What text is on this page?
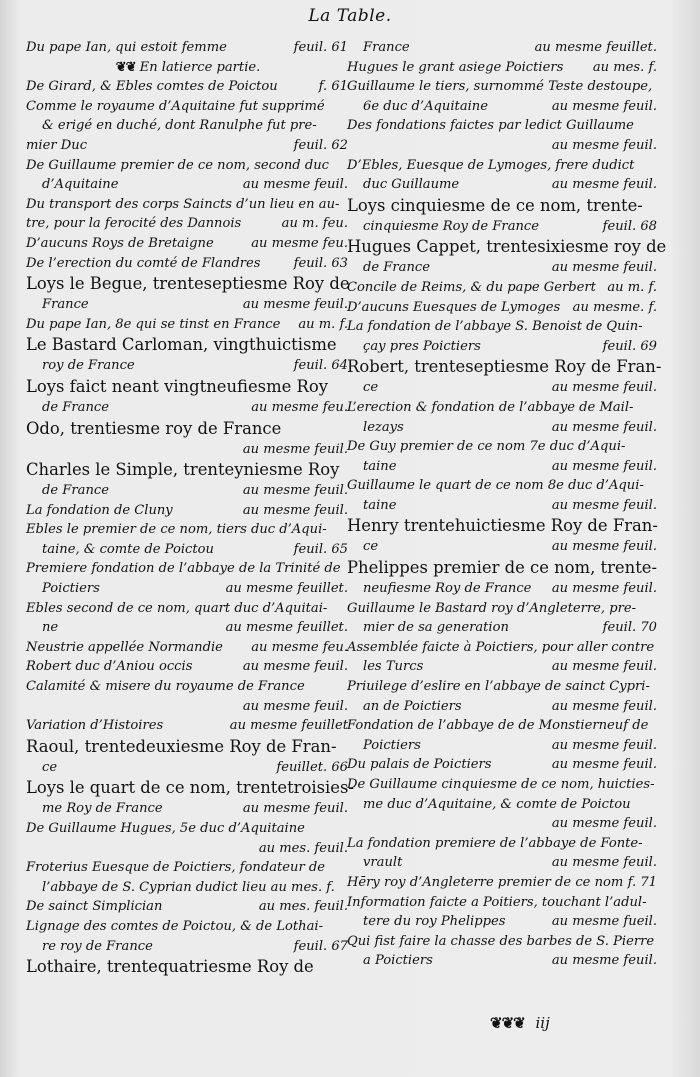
La Table.
feuil. 61
Du pape Ian, qui estoit femme
❦❦ En latierce partie.
f. 61
De Girard, & Ebles comtes de Poictou
Comme le royaume d’Aquitaine fut supprimé
& erigé en duché, dont Ranulphe fut pre-
feuil. 62
mier Duc
De Guillaume premier de ce nom, second duc
au mesme feuil.
d’Aquitaine
Du transport des corps Saincts d’un lieu en au-
au m. feu.
tre, pour la ferocité des Dannois
au mesme feu.
D’aucuns Roys de Bretaigne
feuil. 63
De l’erection du comté de Flandres
Loys le Begue, trenteseptiesme Roy de
au mesme feuil.
France
au m. f.
Du pape Ian, 8e qui se tinst en France
Le Bastard Carloman, vingthuictisme
feuil. 64
roy de France
Loys faict neant vingtneufiesme Roy
au mesme feu.
de France
Odo, trentiesme roy de France
au mesme feuil.

Charles le Simple, trenteyniesme Roy
au mesme feuil.
de France
au mesme feuil.
La fondation de Cluny
Ebles le premier de ce nom, tiers duc d’Aqui-
feuil. 65
taine, & comte de Poictou
Premiere fondation de l’abbaye de la Trinité de
au mesme feuillet.
Poictiers
Ebles second de ce nom, quart duc d’Aquitai-
au mesme feuillet.
ne
au mesme feu.
Neustrie appellée Normandie
au mesme feuil.
Robert duc d’Aniou occis
Calamité & misere du royaume de France
au mesme feuil.

au mesme feuillet
Variation d’Histoires
Raoul, trentedeuxiesme Roy de Fran-
feuillet. 66
ce
Loys le quart de ce nom, trentetroisies-
au mesme feuil.
me Roy de France
De Guillaume Hugues, 5e duc d’Aquitaine
au mes. feuil.

Froterius Euesque de Poictiers, fondateur de
l’abbaye de S. Cyprian dudict lieu au mes. f.
au mes. feuil.
De sainct Simplician
Lignage des comtes de Poictou, & de Lothai-
feuil. 67
re roy de France
Lothaire, trentequatriesme Roy de
au mesme feuillet.
France
au mes. f.
Hugues le grant asiege Poictiers
Guillaume le tiers, surnommé Teste destoupe,
au mesme feuil.
6e duc d’Aquitaine
Des fondations faictes par ledict Guillaume
au mesme feuil.

D’Ebles, Euesque de Lymoges, frere dudict
au mesme feuil.
duc Guillaume
Loys cinquiesme de ce nom, trente-
feuil. 68
cinquiesme Roy de France
Hugues Cappet, trentesixiesme roy de
au mesme feuil.
de France
au m. f.
Concile de Reims, & du pape Gerbert
au mesme. f.
D’aucuns Euesques de Lymoges
La fondation de l’abbaye S. Benoist de Quin-
feuil. 69
çay pres Poictiers
Robert, trenteseptiesme Roy de Fran-
au mesme feuil.
ce
L’erection & fondation de l’abbaye de Mail-
au mesme feuil.
lezays
De Guy premier de ce nom 7e duc d’Aqui-
au mesme feuil.
taine
Guillaume le quart de ce nom 8e duc d’Aqui-
au mesme feuil.
taine
Henry trentehuictiesme Roy de Fran-
au mesme feuil.
ce
Phelippes premier de ce nom, trente-
au mesme feuil.
neufiesme Roy de France
Guillaume le Bastard roy d’Angleterre, pre-
feuil. 70
mier de sa generation
Assemblée faicte à Poictiers, pour aller contre
au mesme feuil.
les Turcs
Priuilege d’eslire en l’abbaye de sainct Cypri-
au mesme feuil.
an de Poictiers
Fondation de l’abbaye de de Monstierneuf de
au mesme feuil.
Poictiers
au mesme feuil.
Du palais de Poictiers
De Guillaume cinquiesme de ce nom, huicties-
me duc d’Aquitaine, & comte de Poictou
au mesme feuil.

La fondation premiere de l’abbaye de Fonte-
au mesme feuil.
vrault
f. 71
Hēry roy d’Angleterre premier de ce nom
Information faicte a Poitiers, touchant l’adul-
au mesme fueil.
tere du roy Phelippes
Qui fist faire la chasse des barbes de S. Pierre
au mesme feuil.
a Poictiers
❦❦❦ iij
